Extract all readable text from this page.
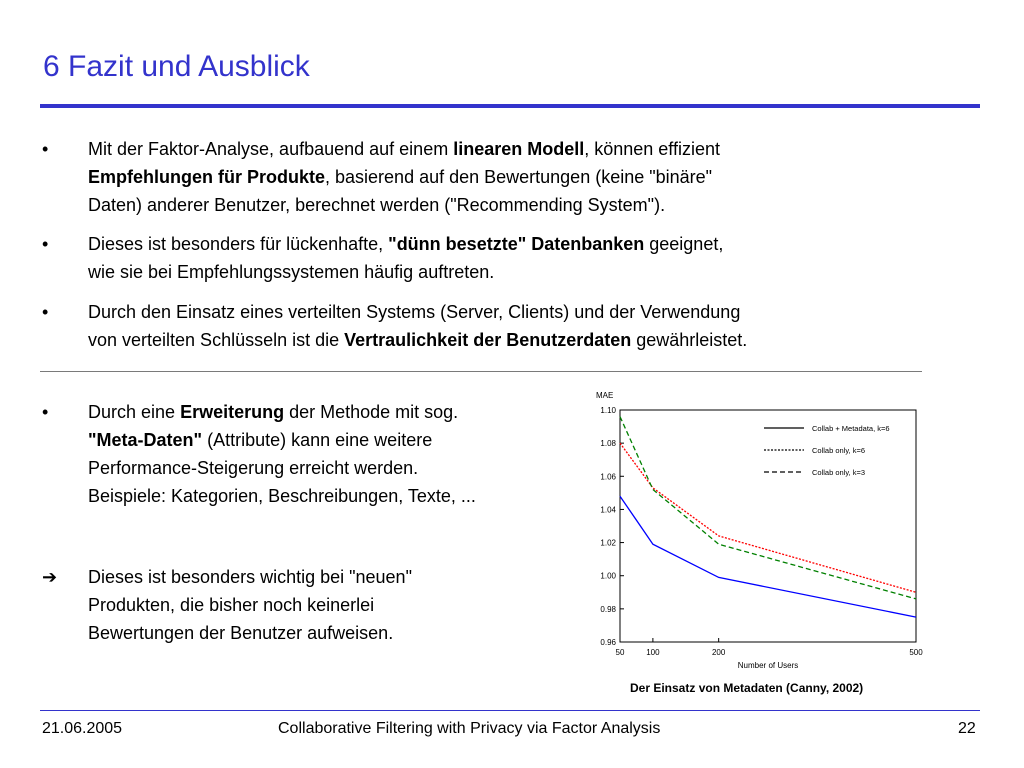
6 Fazit und Ausblick
•	Mit der Faktor-Analyse, aufbauend auf einem linearen Modell, können effizient
Empfehlungen für Produkte, basierend auf den Bewertungen (keine "binäre"
Daten) anderer Benutzer, berechnet werden ("Recommending System").
•	Dieses ist besonders für lückenhafte, "dünn besetzte" Datenbanken geeignet,
wie sie bei Empfehlungssystemen häufig auftreten.
•	Durch den Einsatz eines verteilten Systems (Server, Clients) und der Verwendung
von verteilten Schlüsseln ist die Vertraulichkeit der Benutzerdaten gewährleistet.
•	Durch eine Erweiterung der Methode mit sog.
"Meta-Daten" (Attribute) kann eine weitere
Performance-Steigerung erreicht werden.
Beispiele: Kategorien, Beschreibungen, Texte, ...
➔ Dieses ist besonders wichtig bei "neuen"
Produkten, die bisher noch keinerlei
Bewertungen der Benutzer aufweisen.
1.10
1.08
1.06
1.04
1.02
1.00
0.98
0.96
50	100	200	500
MAE
Number of Users
Collab + Metadata, k=6
Collab only, k=6
Collab only, k=3
Der Einsatz von Metadaten (Canny, 2002)
21.06.2005	Collaborative Filtering with Privacy via Factor Analysis	22
